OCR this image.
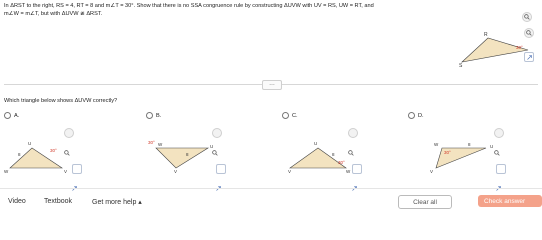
In ΔRST to the right, RS = 4, RT = 8 and m∠T = 30°. Show that there is no SSA congruence rule by constructing ΔUVW with UV = RS, UW = RT, and
m∠W = m∠T, but with ΔUVW ≇ ΔRST.
R
S
30°
…
Which triangle below shows ΔUVW correctly?
A.
U
W	V
8
30°
B.
30° W	U
8
V
C.
U
V	W
8
30°
D.
W	8	U
30°
V
Video	Textbook	Get more help ▴	Clear all	Check answer
